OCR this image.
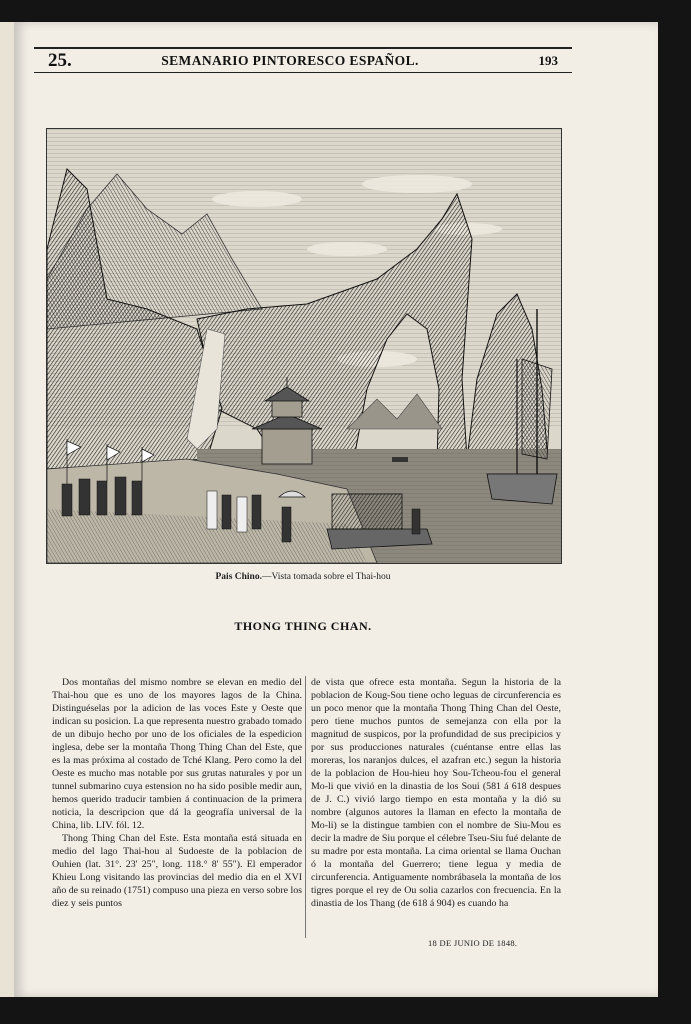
25.	SEMANARIO PINTORESCO ESPAÑOL.	193
Pais Chino.—Vista tomada sobre el Thai-hou
THONG THING CHAN.

Dos montañas del mismo nombre se elevan en medio del Thai-hou que es uno de los mayores lagos de la China. Distinguéselas por la adicion de las voces Este y Oeste que indican su posicion. La que representa nuestro grabado tomado de un dibujo hecho por uno de los oficiales de la espedicion inglesa, debe ser la montaña Thong Thing Chan del Este, que es la mas próxima al costado de Tché Klang. Pero como la del Oeste es mucho mas notable por sus grutas naturales y por un tunnel submarino cuya estension no ha sido posible medir aun, hemos querido traducir tambien á continuacion de la primera noticia, la descripcion que dá la geografía universal de la China, lib. LIV. fól. 12.

Thong Thing Chan del Este. Esta montaña está situada en medio del lago Thai-hou al Sudoeste de la poblacion de Ouhien (lat. 31°. 23' 25", long. 118.° 8' 55"). El emperador Khieu Long visitando las provincias del medio dia en el XVI año de su reinado (1751) compuso una pieza en verso sobre los diez y seis puntos

de vista que ofrece esta montaña. Segun la historia de la poblacion de Koug-Sou tiene ocho leguas de circunferencia es un poco menor que la montaña Thong Thing Chan del Oeste, pero tiene muchos puntos de semejanza con ella por la magnitud de suspicos, por la profundidad de sus precipicios y por sus producciones naturales (cuéntanse entre ellas las moreras, los naranjos dulces, el azafran etc.) segun la historia de la poblacion de Hou-hieu hoy Sou-Tcheou-fou el general Mo-li que vivió en la dinastia de los Soui (581 á 618 despues de J. C.) vivió largo tiempo en esta montaña y la dió su nombre (algunos autores la llaman en efecto la montaña de Mo-li) se la distingue tambien con el nombre de Siu-Mou es decir la madre de Siu porque el célebre Tseu-Siu fué delante de su madre por esta montaña. La cima oriental se llama Ouchan ó la montaña del Guerrero; tiene legua y media de circunferencia. Antiguamente nombrábasela la montaña de los tigres porque el rey de Ou solia cazarlos con frecuencia. En la dinastia de los Thang (de 618 á 904) es cuando ha

18 DE JUNIO DE 1848.
